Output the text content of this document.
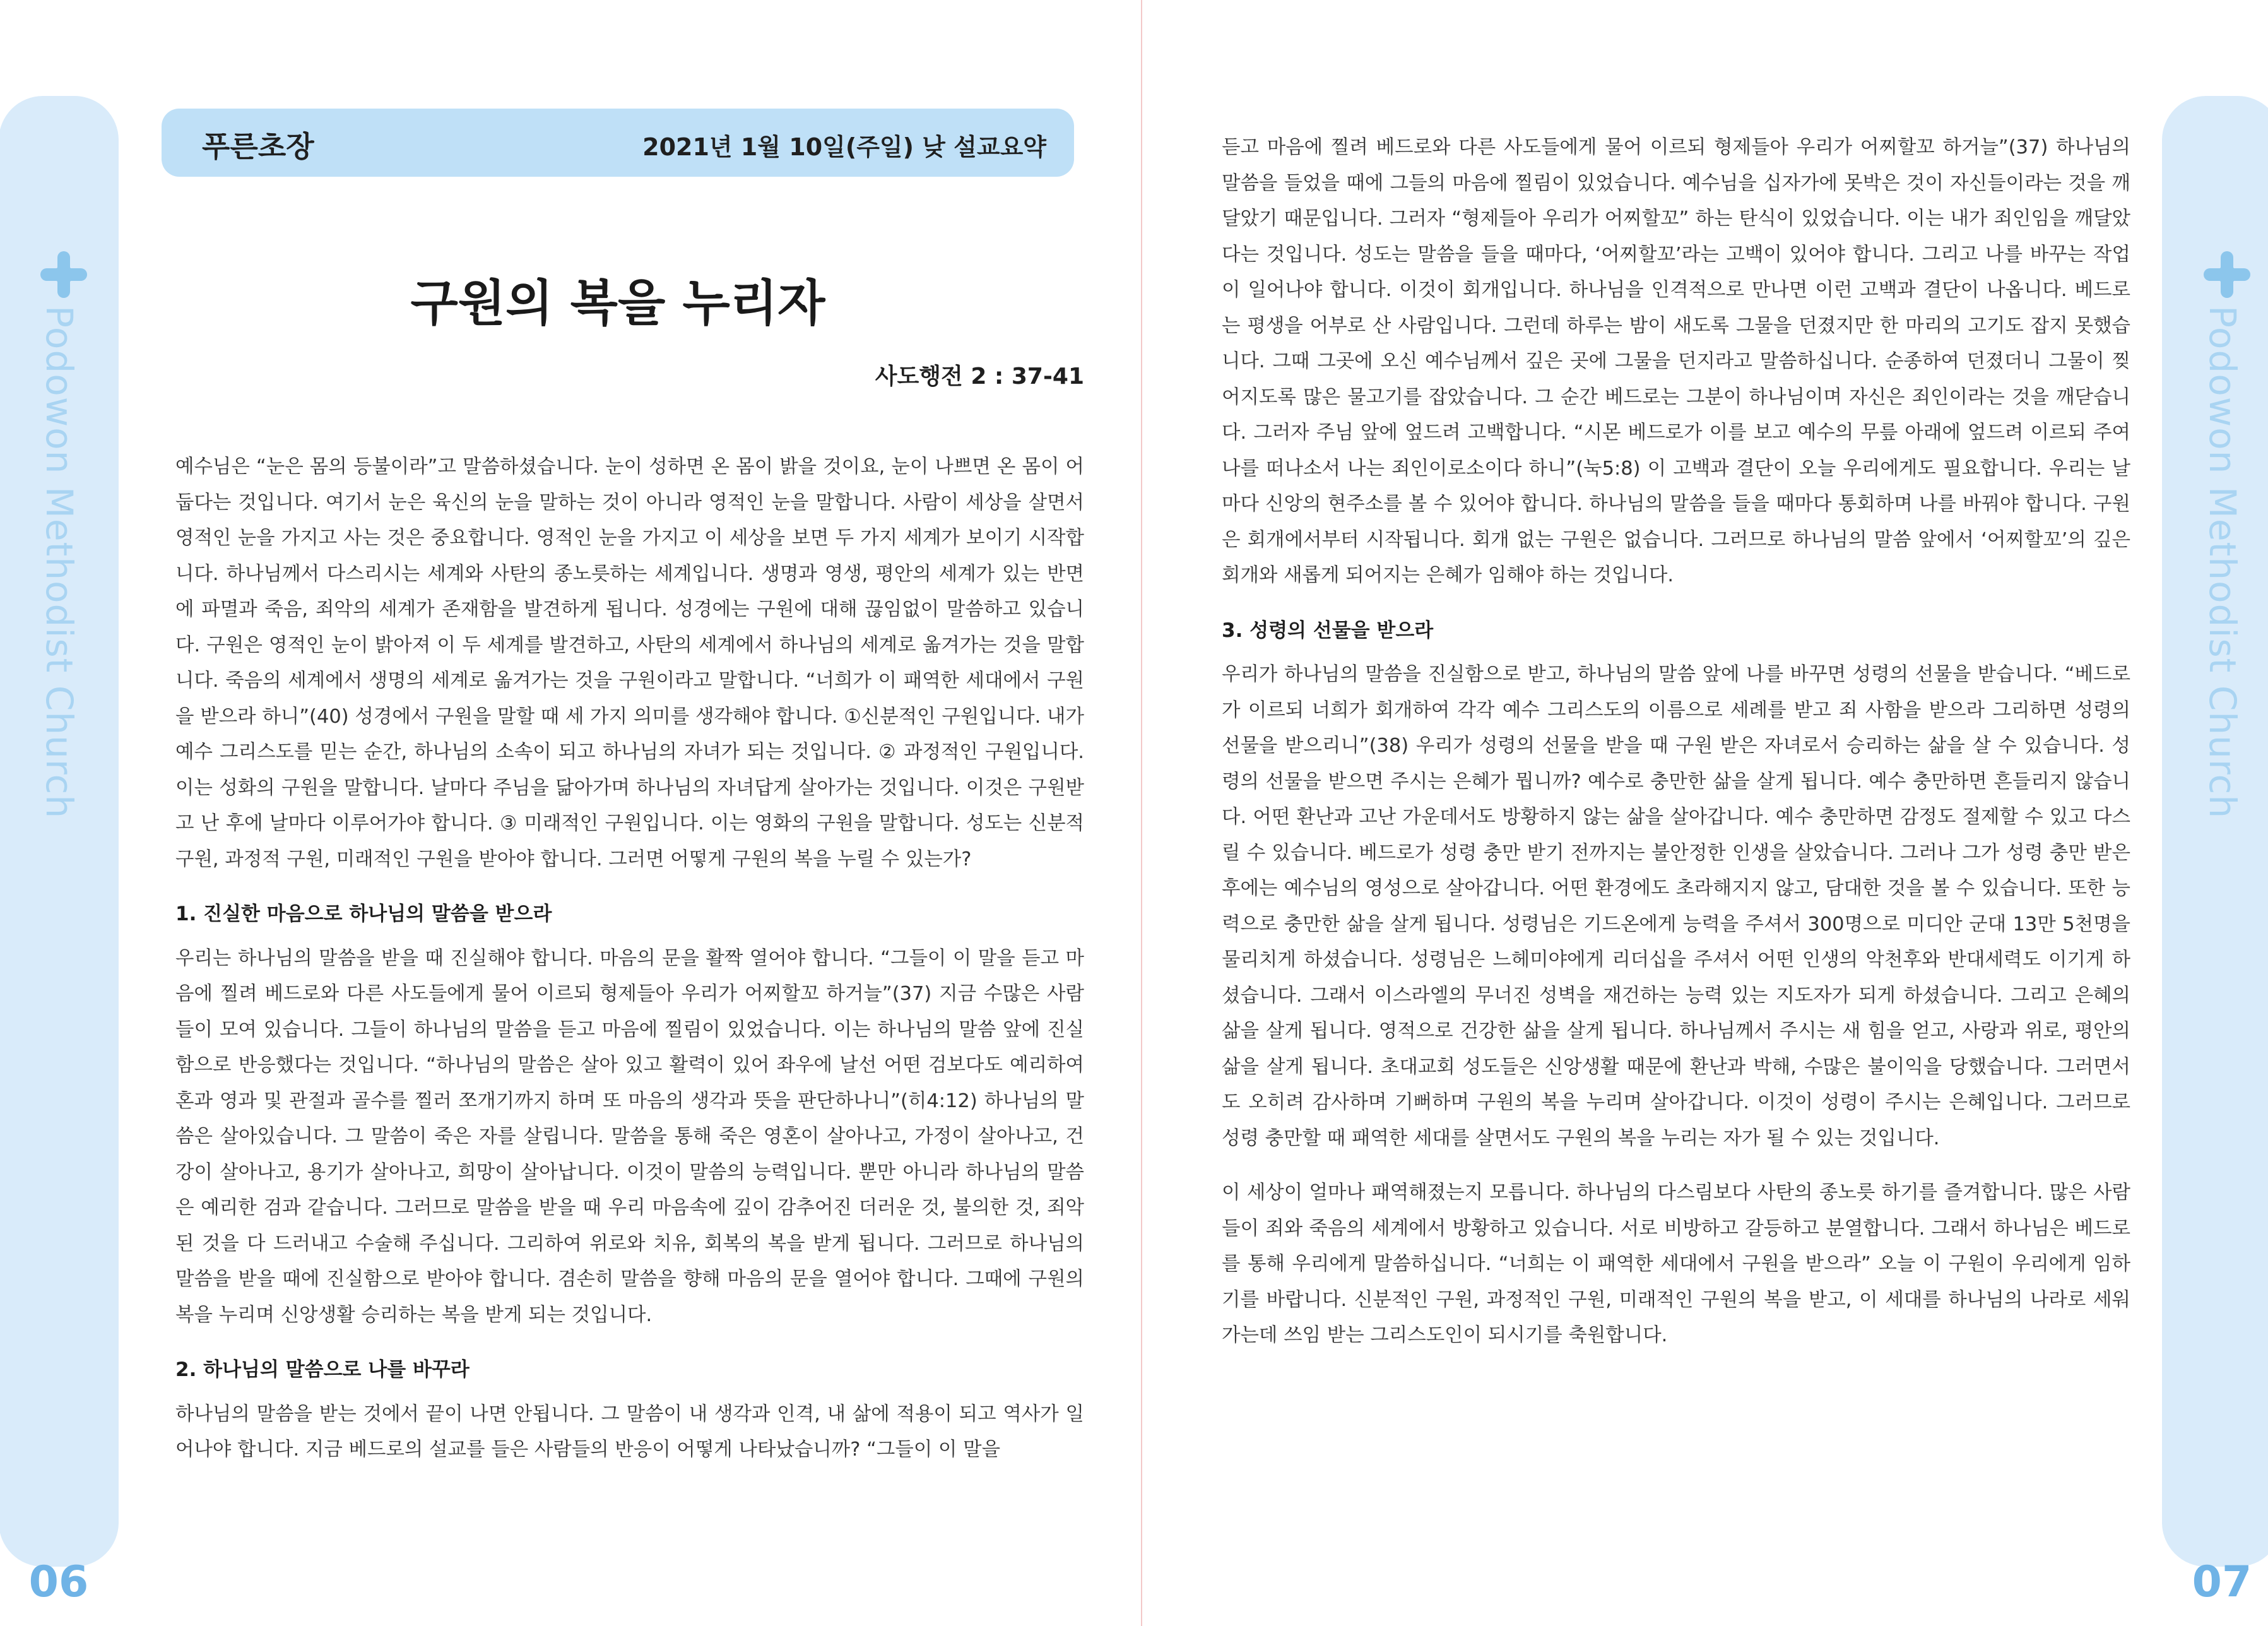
Podowon Methodist Church
06
Podowon Methodist Church
07
푸른초장	2021년 1월 10일(주일) 낮 설교요약
구원의 복을 누리자
사도행전 2 : 37-41

예수님은 “눈은 몸의 등불이라”고 말씀하셨습니다. 눈이 성하면 온 몸이 밝을 것이요, 눈이 나쁘면 온 몸이 어둡다는 것입니다. 여기서 눈은 육신의 눈을 말하는 것이 아니라 영적인 눈을 말합니다. 사람이 세상을 살면서 영적인 눈을 가지고 사는 것은 중요합니다. 영적인 눈을 가지고 이 세상을 보면 두 가지 세계가 보이기 시작합니다. 하나님께서 다스리시는 세계와 사탄의 종노릇하는 세계입니다. 생명과 영생, 평안의 세계가 있는 반면에 파멸과 죽음, 죄악의 세계가 존재함을 발견하게 됩니다. 성경에는 구원에 대해 끊임없이 말씀하고 있습니다. 구원은 영적인 눈이 밝아져 이 두 세계를 발견하고, 사탄의 세계에서 하나님의 세계로 옮겨가는 것을 말합니다. 죽음의 세계에서 생명의 세계로 옮겨가는 것을 구원이라고 말합니다. “너희가 이 패역한 세대에서 구원을 받으라 하니”(40) 성경에서 구원을 말할 때 세 가지 의미를 생각해야 합니다. ①신분적인 구원입니다. 내가 예수 그리스도를 믿는 순간, 하나님의 소속이 되고 하나님의 자녀가 되는 것입니다. ② 과정적인 구원입니다. 이는 성화의 구원을 말합니다. 날마다 주님을 닮아가며 하나님의 자녀답게 살아가는 것입니다. 이것은 구원받고 난 후에 날마다 이루어가야 합니다. ③ 미래적인 구원입니다. 이는 영화의 구원을 말합니다. 성도는 신분적 구원, 과정적 구원, 미래적인 구원을 받아야 합니다. 그러면 어떻게 구원의 복을 누릴 수 있는가?

1. 진실한 마음으로 하나님의 말씀을 받으라

우리는 하나님의 말씀을 받을 때 진실해야 합니다. 마음의 문을 활짝 열어야 합니다. “그들이 이 말을 듣고 마음에 찔려 베드로와 다른 사도들에게 물어 이르되 형제들아 우리가 어찌할꼬 하거늘”(37) 지금 수많은 사람들이 모여 있습니다. 그들이 하나님의 말씀을 듣고 마음에 찔림이 있었습니다. 이는 하나님의 말씀 앞에 진실함으로 반응했다는 것입니다. “하나님의 말씀은 살아 있고 활력이 있어 좌우에 날선 어떤 검보다도 예리하여 혼과 영과 및 관절과 골수를 찔러 쪼개기까지 하며 또 마음의 생각과 뜻을 판단하나니”(히4:12) 하나님의 말씀은 살아있습니다. 그 말씀이 죽은 자를 살립니다. 말씀을 통해 죽은 영혼이 살아나고, 가정이 살아나고, 건강이 살아나고, 용기가 살아나고, 희망이 살아납니다. 이것이 말씀의 능력입니다. 뿐만 아니라 하나님의 말씀은 예리한 검과 같습니다. 그러므로 말씀을 받을 때 우리 마음속에 깊이 감추어진 더러운 것, 불의한 것, 죄악된 것을 다 드러내고 수술해 주십니다. 그리하여 위로와 치유, 회복의 복을 받게 됩니다. 그러므로 하나님의 말씀을 받을 때에 진실함으로 받아야 합니다. 겸손히 말씀을 향해 마음의 문을 열어야 합니다. 그때에 구원의 복을 누리며 신앙생활 승리하는 복을 받게 되는 것입니다.

2. 하나님의 말씀으로 나를 바꾸라

하나님의 말씀을 받는 것에서 끝이 나면 안됩니다. 그 말씀이 내 생각과 인격, 내 삶에 적용이 되고 역사가 일어나야 합니다. 지금 베드로의 설교를 들은 사람들의 반응이 어떻게 나타났습니까? “그들이 이 말을

듣고 마음에 찔려 베드로와 다른 사도들에게 물어 이르되 형제들아 우리가 어찌할꼬 하거늘”(37) 하나님의 말씀을 들었을 때에 그들의 마음에 찔림이 있었습니다. 예수님을 십자가에 못박은 것이 자신들이라는 것을 깨달았기 때문입니다. 그러자 “형제들아 우리가 어찌할꼬” 하는 탄식이 있었습니다. 이는 내가 죄인임을 깨달았다는 것입니다. 성도는 말씀을 들을 때마다, ‘어찌할꼬’라는 고백이 있어야 합니다. 그리고 나를 바꾸는 작업이 일어나야 합니다. 이것이 회개입니다. 하나님을 인격적으로 만나면 이런 고백과 결단이 나옵니다. 베드로는 평생을 어부로 산 사람입니다. 그런데 하루는 밤이 새도록 그물을 던졌지만 한 마리의 고기도 잡지 못했습니다. 그때 그곳에 오신 예수님께서 깊은 곳에 그물을 던지라고 말씀하십니다. 순종하여 던졌더니 그물이 찢어지도록 많은 물고기를 잡았습니다. 그 순간 베드로는 그분이 하나님이며 자신은 죄인이라는 것을 깨닫습니다. 그러자 주님 앞에 엎드려 고백합니다. “시몬 베드로가 이를 보고 예수의 무릎 아래에 엎드려 이르되 주여 나를 떠나소서 나는 죄인이로소이다 하니”(눅5:8) 이 고백과 결단이 오늘 우리에게도 필요합니다. 우리는 날마다 신앙의 현주소를 볼 수 있어야 합니다. 하나님의 말씀을 들을 때마다 통회하며 나를 바꿔야 합니다. 구원은 회개에서부터 시작됩니다. 회개 없는 구원은 없습니다. 그러므로 하나님의 말씀 앞에서 ‘어찌할꼬’의 깊은 회개와 새롭게 되어지는 은혜가 임해야 하는 것입니다.

3. 성령의 선물을 받으라

우리가 하나님의 말씀을 진실함으로 받고, 하나님의 말씀 앞에 나를 바꾸면 성령의 선물을 받습니다. “베드로가 이르되 너희가 회개하여 각각 예수 그리스도의 이름으로 세례를 받고 죄 사함을 받으라 그리하면 성령의 선물을 받으리니”(38) 우리가 성령의 선물을 받을 때 구원 받은 자녀로서 승리하는 삶을 살 수 있습니다. 성령의 선물을 받으면 주시는 은혜가 뭡니까? 예수로 충만한 삶을 살게 됩니다. 예수 충만하면 흔들리지 않습니다. 어떤 환난과 고난 가운데서도 방황하지 않는 삶을 살아갑니다. 예수 충만하면 감정도 절제할 수 있고 다스릴 수 있습니다. 베드로가 성령 충만 받기 전까지는 불안정한 인생을 살았습니다. 그러나 그가 성령 충만 받은 후에는 예수님의 영성으로 살아갑니다. 어떤 환경에도 초라해지지 않고, 담대한 것을 볼 수 있습니다. 또한 능력으로 충만한 삶을 살게 됩니다. 성령님은 기드온에게 능력을 주셔서 300명으로 미디안 군대 13만 5천명을 물리치게 하셨습니다. 성령님은 느헤미야에게 리더십을 주셔서 어떤 인생의 악천후와 반대세력도 이기게 하셨습니다. 그래서 이스라엘의 무너진 성벽을 재건하는 능력 있는 지도자가 되게 하셨습니다. 그리고 은혜의 삶을 살게 됩니다. 영적으로 건강한 삶을 살게 됩니다. 하나님께서 주시는 새 힘을 얻고, 사랑과 위로, 평안의 삶을 살게 됩니다. 초대교회 성도들은 신앙생활 때문에 환난과 박해, 수많은 불이익을 당했습니다. 그러면서도 오히려 감사하며 기뻐하며 구원의 복을 누리며 살아갑니다. 이것이 성령이 주시는 은혜입니다. 그러므로 성령 충만할 때 패역한 세대를 살면서도 구원의 복을 누리는 자가 될 수 있는 것입니다.

이 세상이 얼마나 패역해졌는지 모릅니다. 하나님의 다스림보다 사탄의 종노릇 하기를 즐겨합니다. 많은 사람들이 죄와 죽음의 세계에서 방황하고 있습니다. 서로 비방하고 갈등하고 분열합니다. 그래서 하나님은 베드로를 통해 우리에게 말씀하십니다. “너희는 이 패역한 세대에서 구원을 받으라” 오늘 이 구원이 우리에게 임하기를 바랍니다. 신분적인 구원, 과정적인 구원, 미래적인 구원의 복을 받고, 이 세대를 하나님의 나라로 세워가는데 쓰임 받는 그리스도인이 되시기를 축원합니다.
